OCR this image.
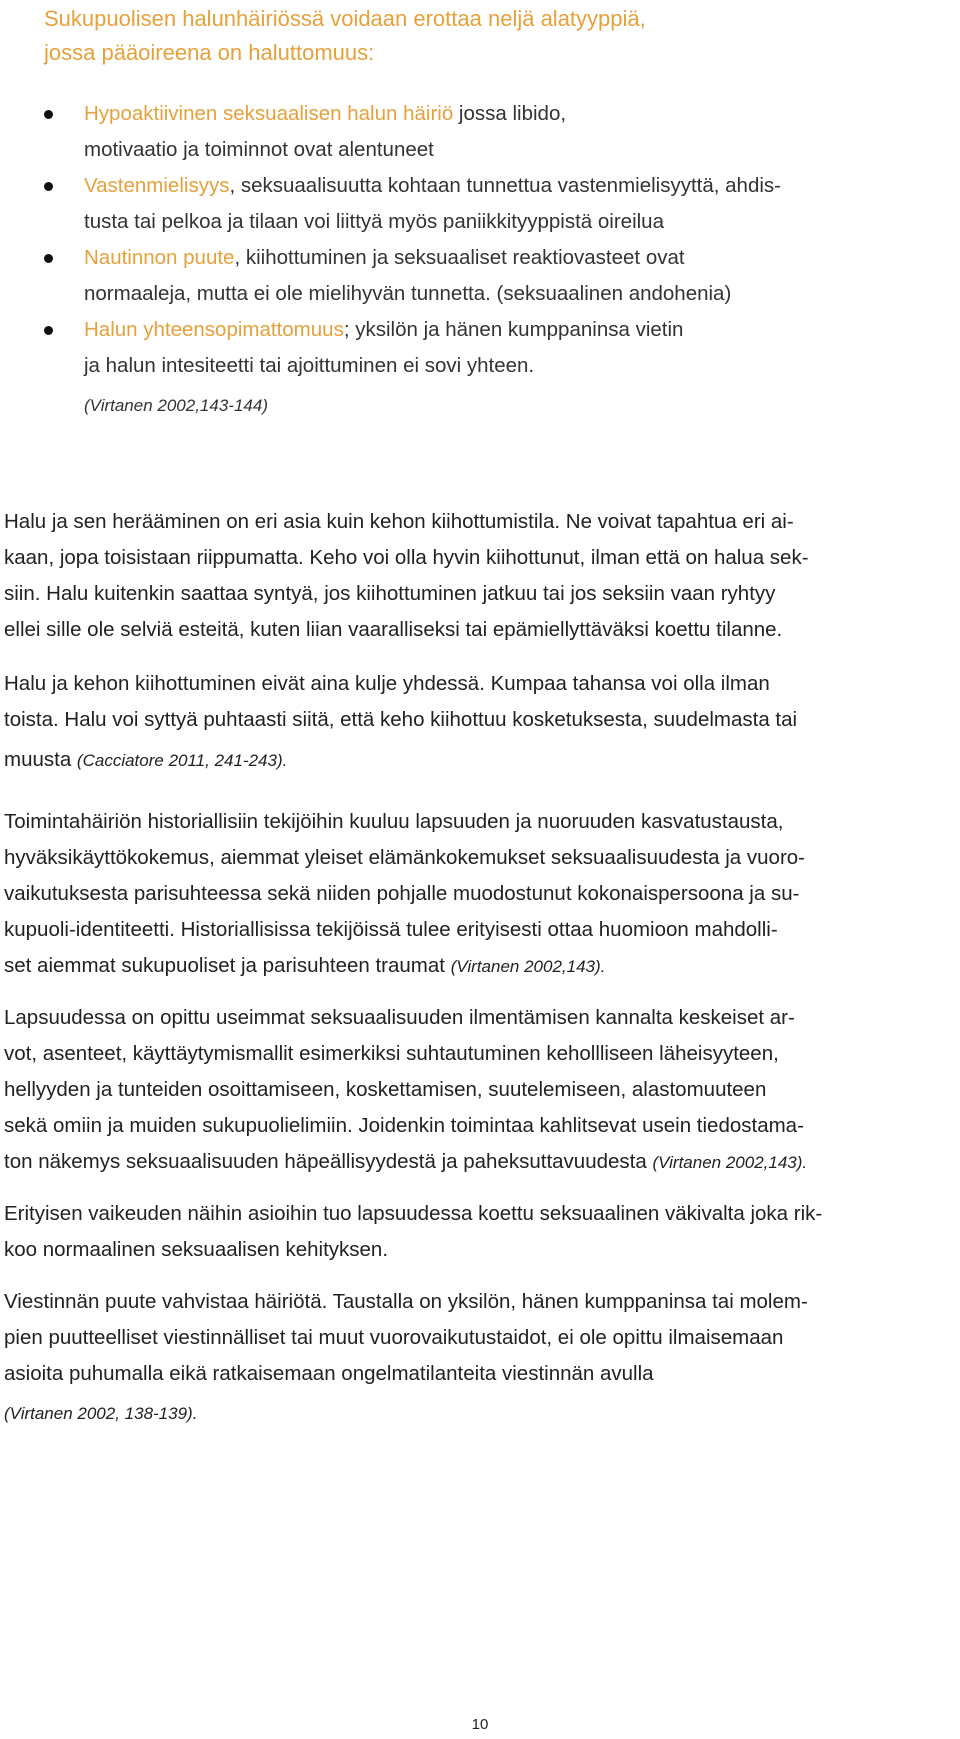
Sukupuolisen halunhäiriössä voidaan erottaa neljä alatyyppiä,
jossa pääoireena on haluttomuus:
Hypoaktiivinen seksuaalisen halun häiriö jossa libido,
motivaatio ja toiminnot ovat alentuneet
Vastenmielisyys, seksuaalisuutta kohtaan tunnettua vastenmielisyyttä, ahdis-
tusta tai pelkoa ja tilaan voi liittyä myös paniikkityyppistä oireilua
Nautinnon puute, kiihottuminen ja seksuaaliset reaktiovasteet ovat
normaaleja, mutta ei ole mielihyvän tunnetta. (seksuaalinen andohenia)
Halun yhteensopimattomuus; yksilön ja hänen kumppaninsa vietin
ja halun intesiteetti tai ajoittuminen ei sovi yhteen.
(Virtanen 2002,143-144)
Halu ja sen herääminen on eri asia kuin kehon kiihottumistila. Ne voivat tapahtua eri ai-
kaan, jopa toisistaan riippumatta. Keho voi olla hyvin kiihottunut, ilman että on halua sek-
siin. Halu kuitenkin saattaa syntyä, jos kiihottuminen jatkuu tai jos seksiin vaan ryhtyy
ellei sille ole selviä esteitä, kuten liian vaaralliseksi tai epämiellyttäväksi koettu tilanne.
Halu ja kehon kiihottuminen eivät aina kulje yhdessä. Kumpaa tahansa voi olla ilman
toista. Halu voi syttyä puhtaasti siitä, että keho kiihottuu kosketuksesta, suudelmasta tai
muusta (Cacciatore 2011, 241-243).
Toimintahäiriön historiallisiin tekijöihin kuuluu lapsuuden ja nuoruuden kasvatustausta,
hyväksikäyttökokemus, aiemmat yleiset elämänkokemukset seksuaalisuudesta ja vuoro-
vaikutuksesta parisuhteessa sekä niiden pohjalle muodostunut kokonaispersoona ja su-
kupuoli-identiteetti. Historiallisissa tekijöissä tulee erityisesti ottaa huomioon mahdolli-
set aiemmat sukupuoliset ja parisuhteen traumat (Virtanen 2002,143).
Lapsuudessa on opittu useimmat seksuaalisuuden ilmentämisen kannalta keskeiset ar-
vot, asenteet, käyttäytymismallit esimerkiksi suhtautuminen kehollliseen läheisyyteen,
hellyyden ja tunteiden osoittamiseen, koskettamisen, suutelemiseen, alastomuuteen
sekä omiin ja muiden sukupuolielimiin. Joidenkin toimintaa kahlitsevat usein tiedostama-
ton näkemys seksuaalisuuden häpeällisyydestä ja paheksuttavuudesta (Virtanen 2002,143).
Erityisen vaikeuden näihin asioihin tuo lapsuudessa koettu seksuaalinen väkivalta joka rik-
koo normaalinen seksuaalisen kehityksen.
Viestinnän puute vahvistaa häiriötä. Taustalla on yksilön, hänen kumppaninsa tai molem-
pien puutteelliset viestinnälliset tai muut vuorovaikutustaidot, ei ole opittu ilmaisemaan
asioita puhumalla eikä ratkaisemaan ongelmatilanteita viestinnän avulla
(Virtanen 2002, 138-139).
10
